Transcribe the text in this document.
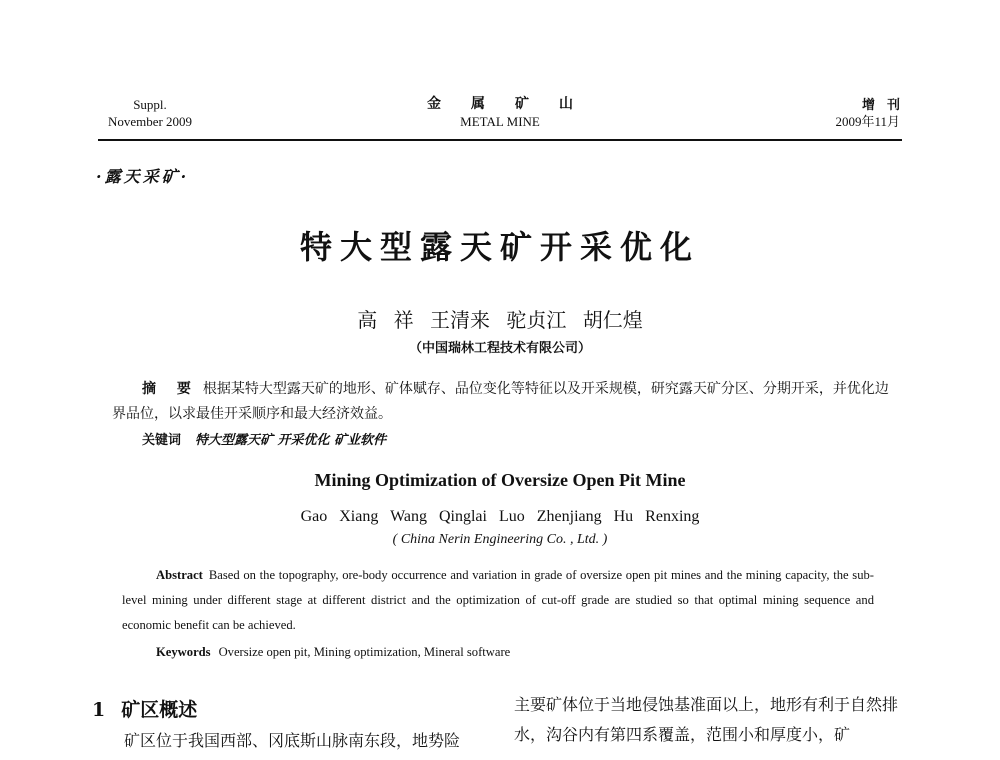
Suppl.
November 2009
金属矿山
METAL MINE
增刊
2009年11月
·露天采矿·
特大型露天矿开采优化
高 祥 王清来 驼贞江 胡仁煌
（中国瑞林工程技术有限公司）
摘 要 根据某特大型露天矿的地形、矿体赋存、品位变化等特征以及开采规模，研究露天矿分区、分期开采，并优化边界品位，以求最佳开采顺序和最大经济效益。
关键词 特大型露天矿 开采优化 矿业软件
Mining Optimization of Oversize Open Pit Mine
Gao Xiang Wang Qinglai Luo Zhenjiang Hu Renxing
( China Nerin Engineering Co. , Ltd. )
Abstract Based on the topography, ore-body occurrence and variation in grade of oversize open pit mines and the mining capacity, the sub-level mining under different stage at different district and the optimization of cut-off grade are studied so that optimal mining sequence and economic benefit can be achieved.
Keywords Oversize open pit, Mining optimization, Mineral software
1 矿区概述
矿区位于我国西部、冈底斯山脉南东段，地势险
主要矿体位于当地侵蚀基准面以上，地形有利于自然排水，沟谷内有第四系覆盖，范围小和厚度小，矿
